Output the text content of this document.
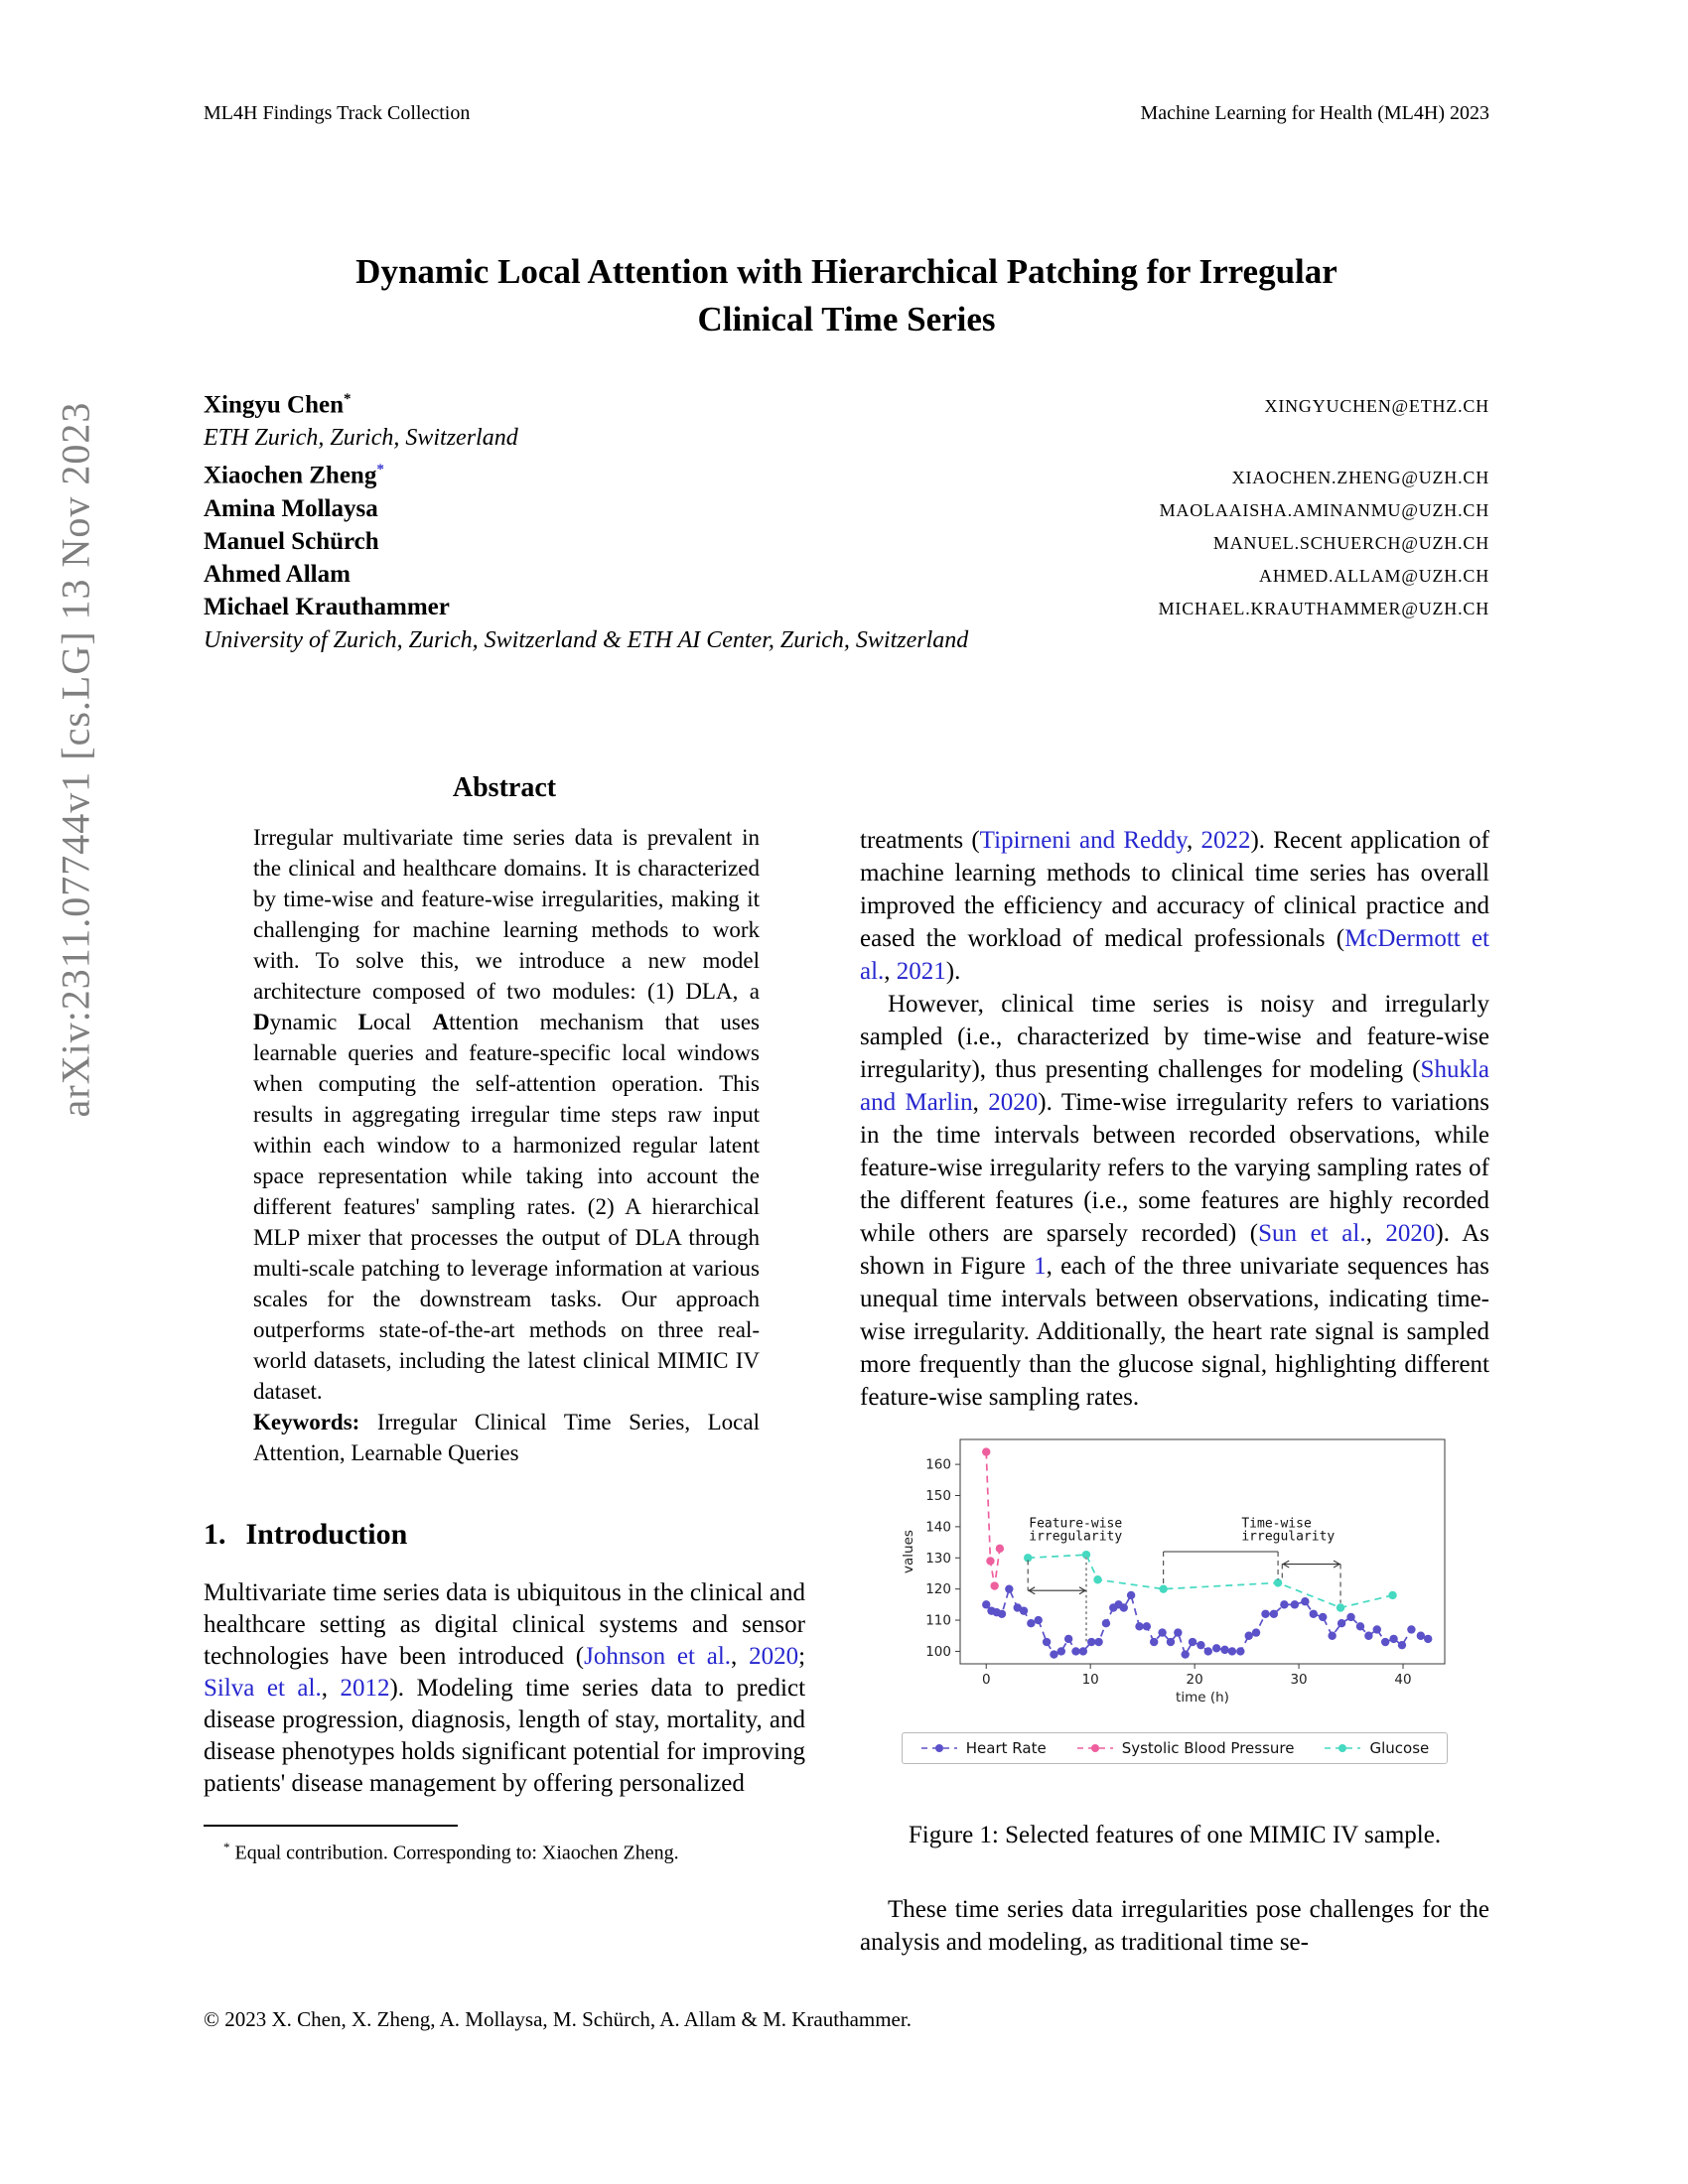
arXiv:2311.07744v1 [cs.LG] 13 Nov 2023
ML4H Findings Track Collection	Machine Learning for Health (ML4H) 2023
Dynamic Local Attention with Hierarchical Patching for Irregular
Clinical Time Series
Xingyu Chen*	XINGYUCHEN@ETHZ.CH
ETH Zurich, Zurich, Switzerland
Xiaochen Zheng*	XIAOCHEN.ZHENG@UZH.CH
Amina Mollaysa	MAOLAAISHA.AMINANMU@UZH.CH
Manuel Schürch	MANUEL.SCHUERCH@UZH.CH
Ahmed Allam	AHMED.ALLAM@UZH.CH
Michael Krauthammer	MICHAEL.KRAUTHAMMER@UZH.CH
University of Zurich, Zurich, Switzerland & ETH AI Center, Zurich, Switzerland
Abstract

Irregular multivariate time series data is prevalent in the clinical and healthcare domains. It is characterized by time-wise and feature-wise irregularities, making it challenging for machine learning methods to work with. To solve this, we introduce a new model architecture composed of two modules: (1) DLA, a Dynamic Local Attention mechanism that uses learnable queries and feature-specific local windows when computing the self-attention operation. This results in aggregating irregular time steps raw input within each window to a harmonized regular latent space representation while taking into account the different features' sampling rates. (2) A hierarchical MLP mixer that processes the output of DLA through multi-scale patching to leverage information at various scales for the downstream tasks. Our approach outperforms state-of-the-art methods on three real-world datasets, including the latest clinical MIMIC IV dataset.

Keywords: Irregular Clinical Time Series, Local Attention, Learnable Queries

1. Introduction

Multivariate time series data is ubiquitous in the clinical and healthcare setting as digital clinical systems and sensor technologies have been introduced (Johnson et al., 2020; Silva et al., 2012). Modeling time series data to predict disease progression, diagnosis, length of stay, mortality, and disease phenotypes holds significant potential for improving patients' disease management by offering personalized

* Equal contribution. Corresponding to: Xiaochen Zheng.

treatments (Tipirneni and Reddy, 2022). Recent application of machine learning methods to clinical time series has overall improved the efficiency and accuracy of clinical practice and eased the workload of medical professionals (McDermott et al., 2021).

However, clinical time series is noisy and irregularly sampled (i.e., characterized by time-wise and feature-wise irregularity), thus presenting challenges for modeling (Shukla and Marlin, 2020). Time-wise irregularity refers to variations in the time intervals between recorded observations, while feature-wise irregularity refers to the varying sampling rates of the different features (i.e., some features are highly recorded while others are sparsely recorded) (Sun et al., 2020). As shown in Figure 1, each of the three univariate sequences has unequal time intervals between observations, indicating time-wise irregularity. Additionally, the heart rate signal is sampled more frequently than the glucose signal, highlighting different feature-wise sampling rates.

100
110
120
130
140
150
160
0	10	20	30	40
values
time (h)
Feature-wise
irregularity
Time-wise
irregularity
Heart Rate	Systolic Blood Pressure	Glucose
Figure 1: Selected features of one MIMIC IV sample.

These time series data irregularities pose challenges for the analysis and modeling, as traditional time se-

© 2023 X. Chen, X. Zheng, A. Mollaysa, M. Schürch, A. Allam & M. Krauthammer.
